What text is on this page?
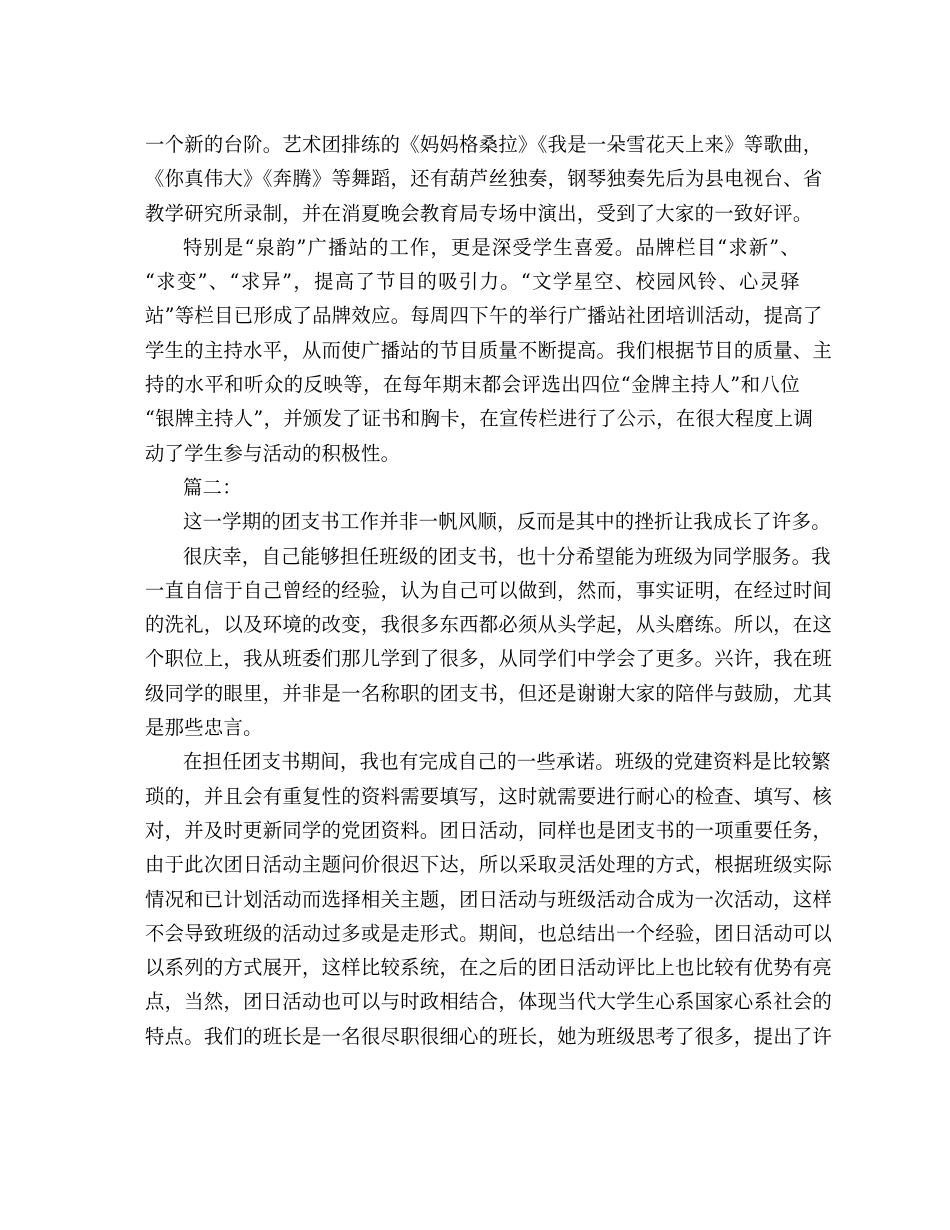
一个新的台阶。艺术团排练的《妈妈格桑拉》《我是一朵雪花天上来》等歌曲，
《你真伟大》《奔腾》等舞蹈，还有葫芦丝独奏，钢琴独奏先后为县电视台、省
教学研究所录制，并在消夏晚会教育局专场中演出，受到了大家的一致好评。
特别是“泉韵”广播站的工作，更是深受学生喜爱。品牌栏目“求新”、
“求变”、“求异”，提高了节目的吸引力。“文学星空、校园风铃、心灵驿
站”等栏目已形成了品牌效应。每周四下午的举行广播站社团培训活动，提高了
学生的主持水平，从而使广播站的节目质量不断提高。我们根据节目的质量、主
持的水平和听众的反映等，在每年期末都会评选出四位“金牌主持人”和八位
“银牌主持人”，并颁发了证书和胸卡，在宣传栏进行了公示，在很大程度上调
动了学生参与活动的积极性。
篇二：
这一学期的团支书工作并非一帆风顺，反而是其中的挫折让我成长了许多。
很庆幸，自己能够担任班级的团支书，也十分希望能为班级为同学服务。我
一直自信于自己曾经的经验，认为自己可以做到，然而，事实证明，在经过时间
的洗礼，以及环境的改变，我很多东西都必须从头学起，从头磨练。所以，在这
个职位上，我从班委们那儿学到了很多，从同学们中学会了更多。兴许，我在班
级同学的眼里，并非是一名称职的团支书，但还是谢谢大家的陪伴与鼓励，尤其
是那些忠言。
在担任团支书期间，我也有完成自己的一些承诺。班级的党建资料是比较繁
琐的，并且会有重复性的资料需要填写，这时就需要进行耐心的检查、填写、核
对，并及时更新同学的党团资料。团日活动，同样也是团支书的一项重要任务，
由于此次团日活动主题问价很迟下达，所以采取灵活处理的方式，根据班级实际
情况和已计划活动而选择相关主题，团日活动与班级活动合成为一次活动，这样
不会导致班级的活动过多或是走形式。期间，也总结出一个经验，团日活动可以
以系列的方式展开，这样比较系统，在之后的团日活动评比上也比较有优势有亮
点，当然，团日活动也可以与时政相结合，体现当代大学生心系国家心系社会的
特点。我们的班长是一名很尽职很细心的班长，她为班级思考了很多，提出了许
